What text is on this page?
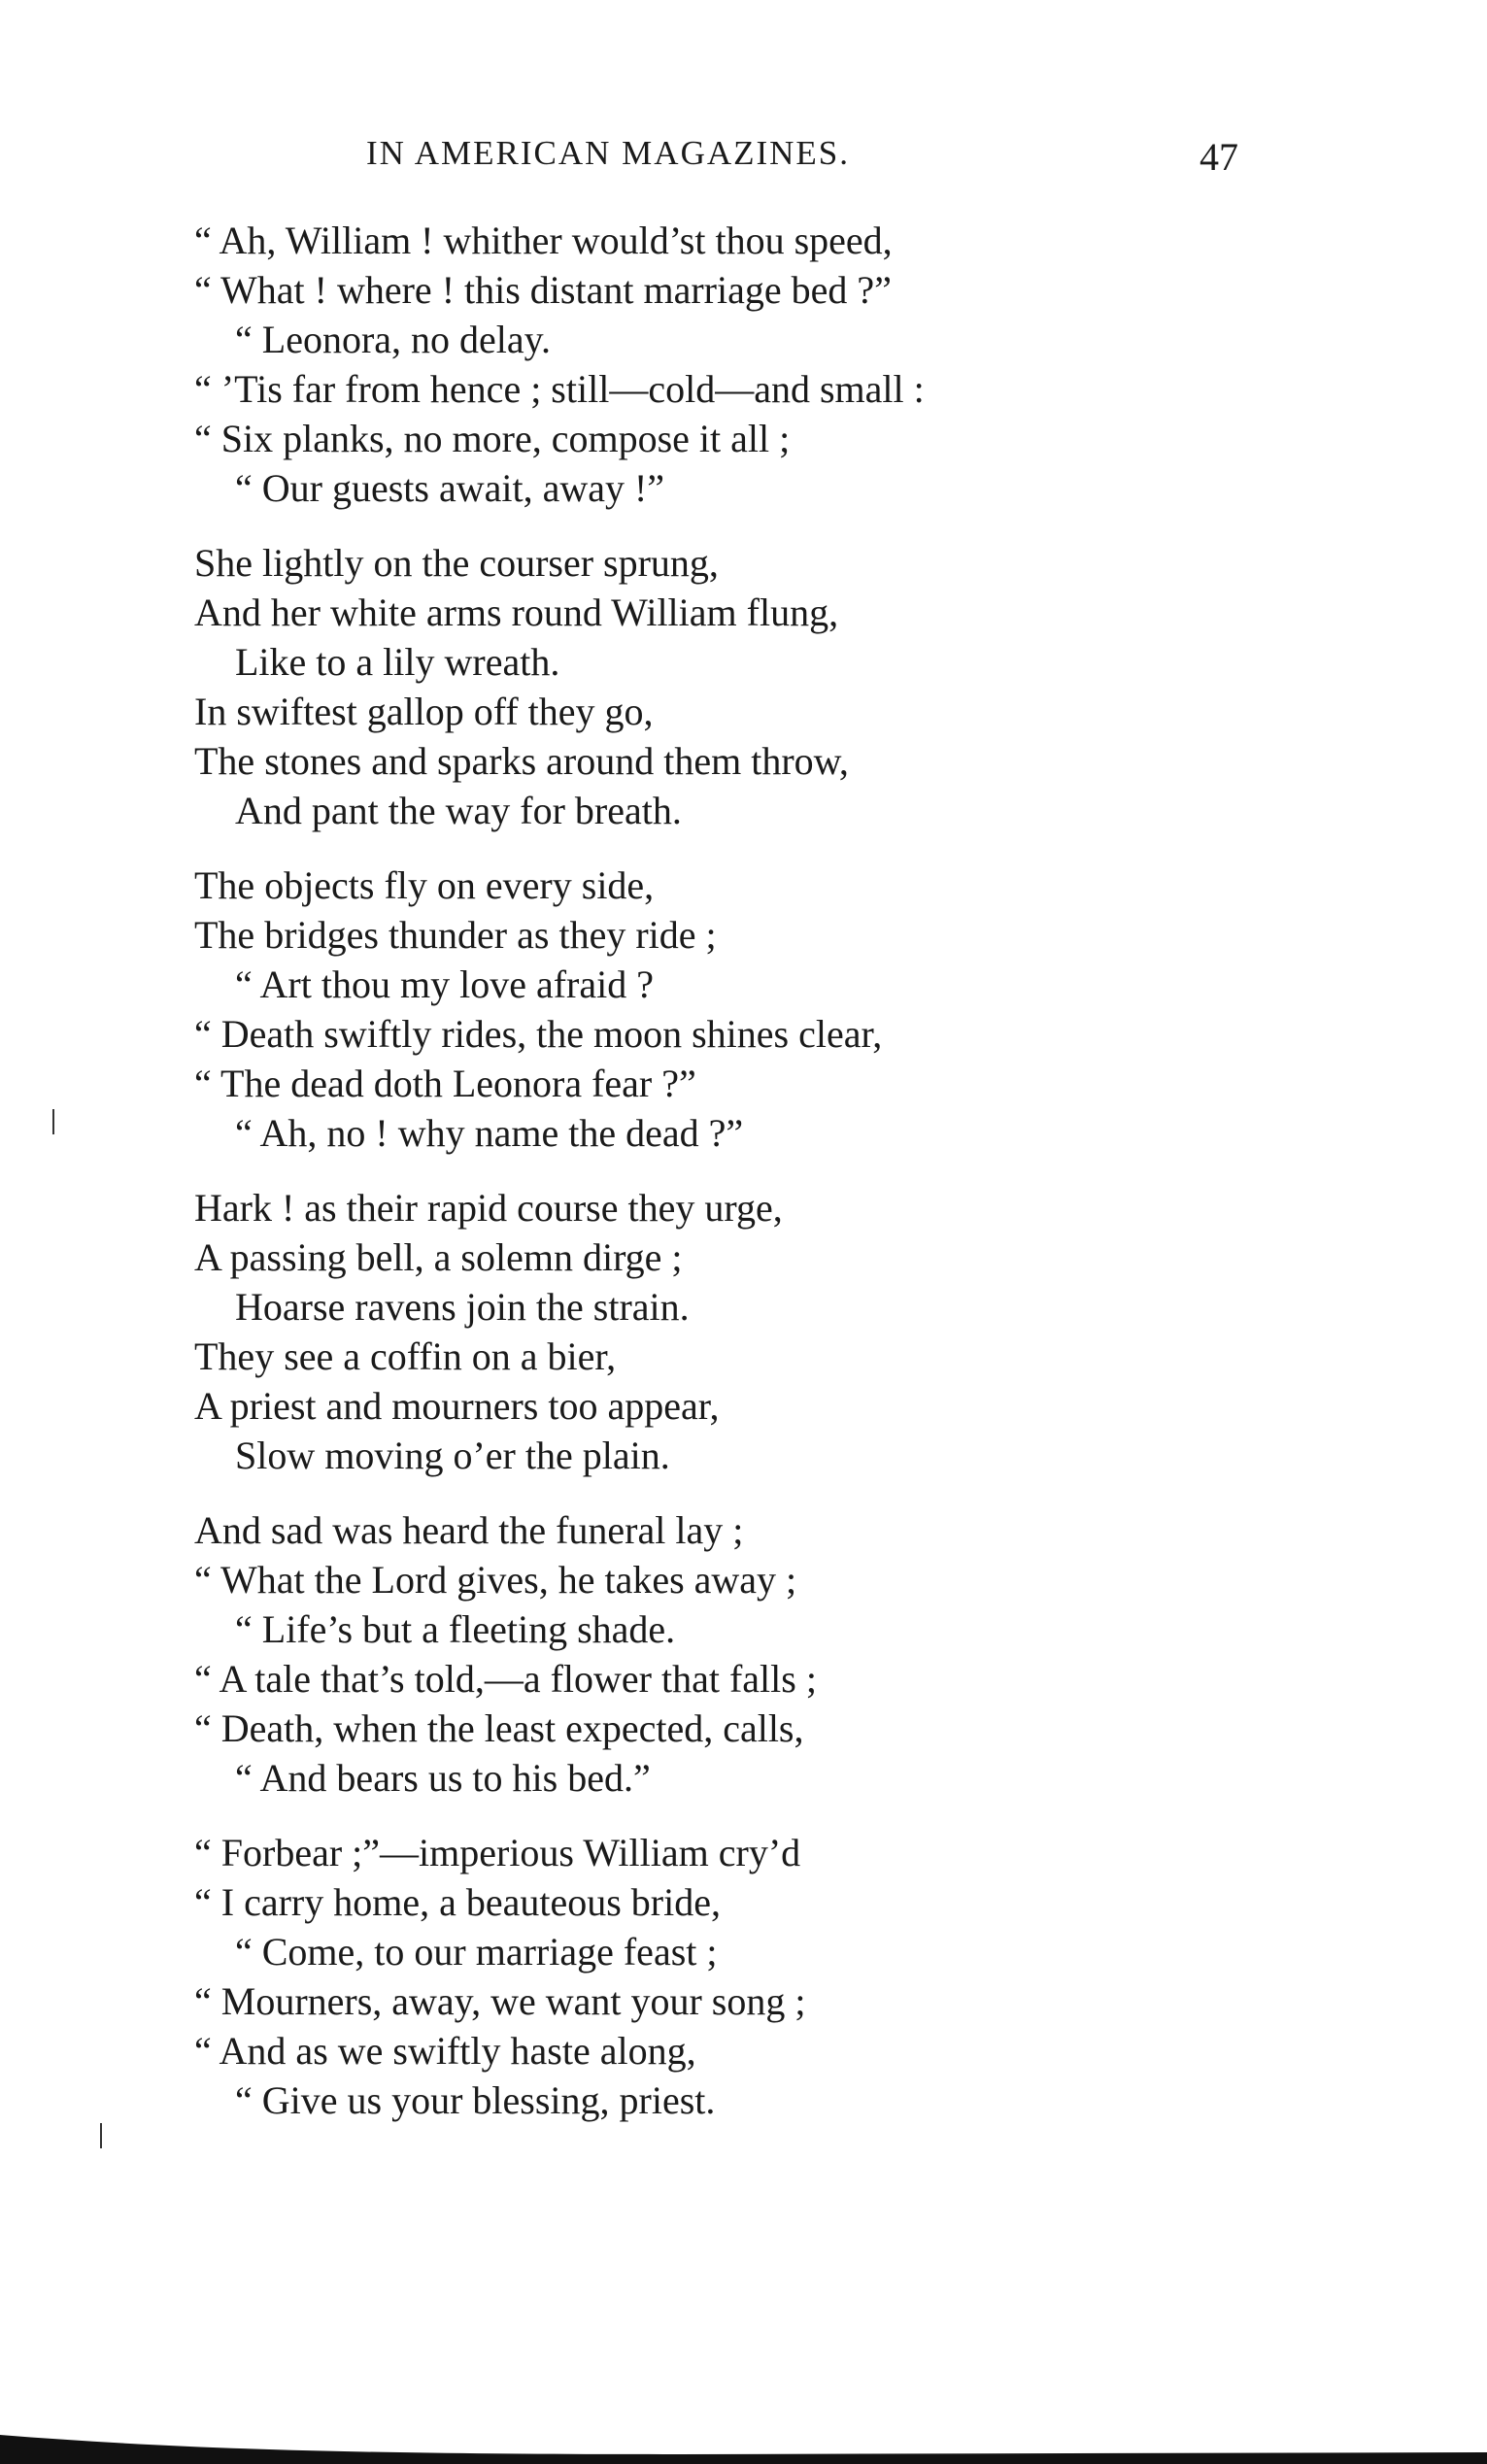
IN AMERICAN MAGAZINES.	47
“ Ah, William ! whither would’st thou speed,
“ What ! where ! this distant marriage bed ?”
“ Leonora, no delay.
“ ’Tis far from hence ; still—cold—and small :
“ Six planks, no more, compose it all ;
“ Our guests await, away !”
She lightly on the courser sprung,
And her white arms round William flung,
Like to a lily wreath.
In swiftest gallop off they go,
The stones and sparks around them throw,
And pant the way for breath.
The objects fly on every side,
The bridges thunder as they ride ;
“ Art thou my love afraid ?
“ Death swiftly rides, the moon shines clear,
“ The dead doth Leonora fear ?”
“ Ah, no ! why name the dead ?”
Hark ! as their rapid course they urge,
A passing bell, a solemn dirge ;
Hoarse ravens join the strain.
They see a coffin on a bier,
A priest and mourners too appear,
Slow moving o’er the plain.
And sad was heard the funeral lay ;
“ What the Lord gives, he takes away ;
“ Life’s but a fleeting shade.
“ A tale that’s told,—a flower that falls ;
“ Death, when the least expected, calls,
“ And bears us to his bed.”
“ Forbear ;”—imperious William cry’d
“ I carry home, a beauteous bride,
“ Come, to our marriage feast ;
“ Mourners, away, we want your song ;
“ And as we swiftly haste along,
“ Give us your blessing, priest.
